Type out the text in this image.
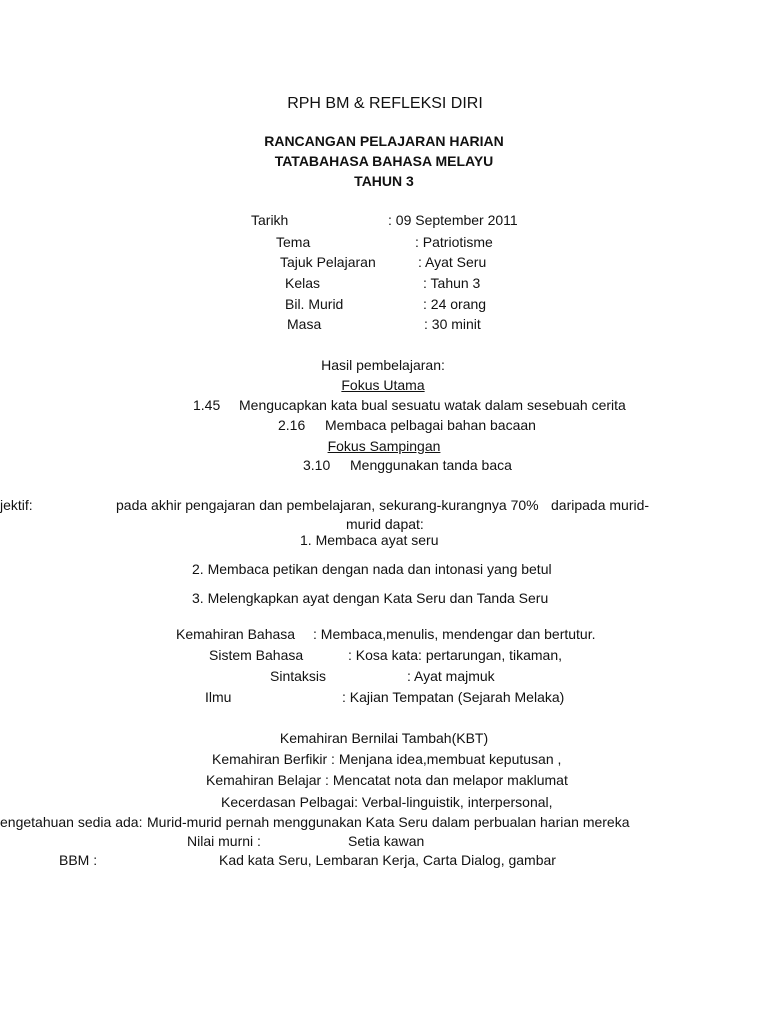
RPH BM & REFLEKSI DIRI
RANCANGAN PELAJARAN HARIAN
TATABAHASA BAHASA MELAYU
TAHUN 3
Tarikh	: 09 September 2011
Tema	: Patriotisme
Tajuk Pelajaran	: Ayat Seru
Kelas	: Tahun 3
Bil. Murid	: 24 orang
Masa	: 30 minit
Hasil pembelajaran:
Fokus Utama
1.45 Mengucapkan kata bual sesuatu watak dalam sesebuah cerita
2.16 Membaca pelbagai bahan bacaan
Fokus Sampingan
3.10 Menggunakan tanda baca
jektif:	pada akhir pengajaran dan pembelajaran, sekurang-kurangnya 70% daripada murid-
murid dapat:
1. Membaca ayat seru
2. Membaca petikan dengan nada dan intonasi yang betul
3. Melengkapkan ayat dengan Kata Seru dan Tanda Seru
Kemahiran Bahasa : Membaca,menulis, mendengar dan bertutur.
Sistem Bahasa	: Kosa kata: pertarungan, tikaman,
Sintaksis	: Ayat majmuk
Ilmu	: Kajian Tempatan (Sejarah Melaka)
Kemahiran Bernilai Tambah(KBT)
Kemahiran Berfikir : Menjana idea,membuat keputusan ,
Kemahiran Belajar : Mencatat nota dan melapor maklumat
Kecerdasan Pelbagai: Verbal-linguistik, interpersonal,
engetahuan sedia ada: Murid-murid pernah menggunakan Kata Seru dalam perbualan harian mereka
Nilai murni :	Setia kawan
BBM :	Kad kata Seru, Lembaran Kerja, Carta Dialog, gambar
